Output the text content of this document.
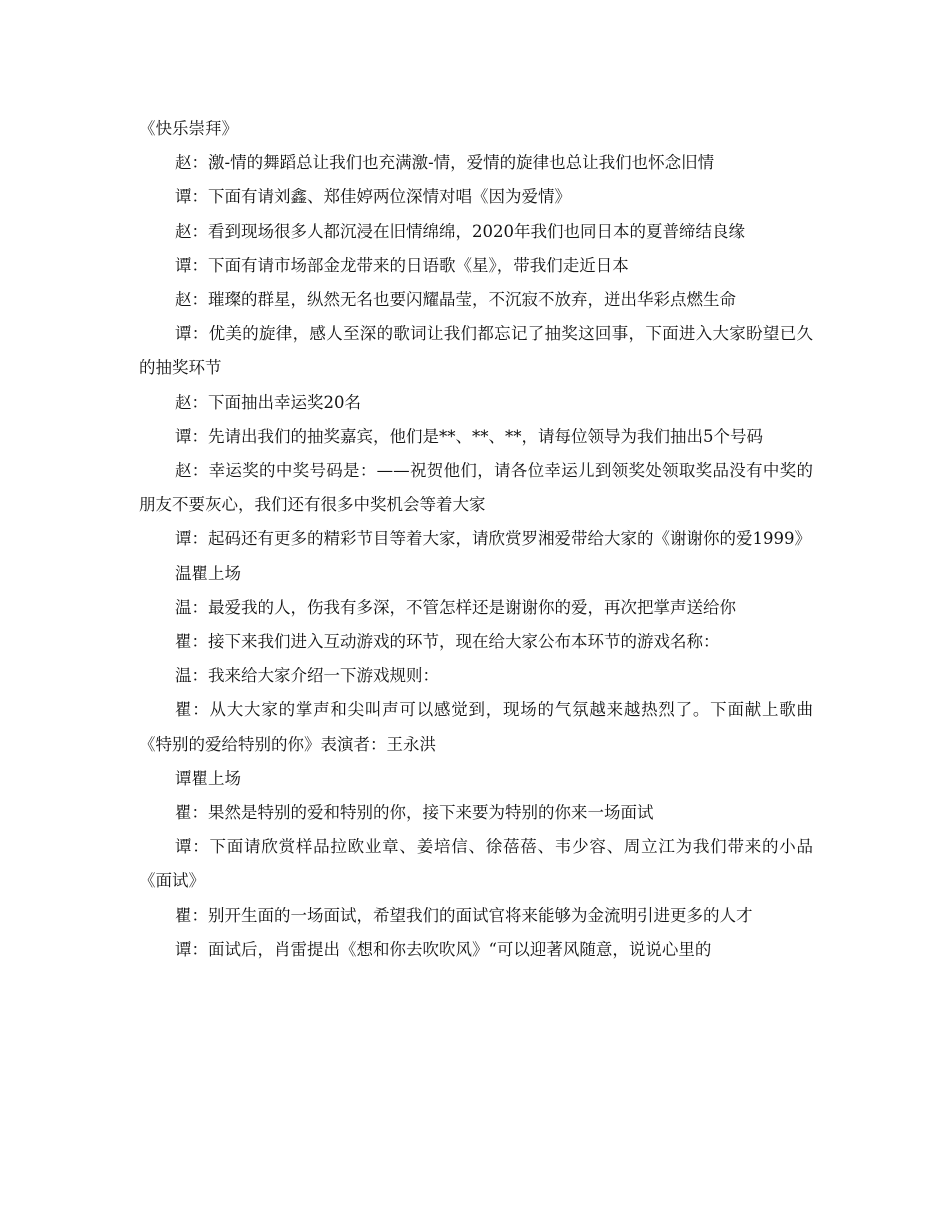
《快乐崇拜》

赵：激-情的舞蹈总让我们也充满激-情，爱情的旋律也总让我们也怀念旧情

谭：下面有请刘鑫、郑佳婷两位深情对唱《因为爱情》

赵：看到现场很多人都沉浸在旧情绵绵，2020年我们也同日本的夏普缔结良缘

谭：下面有请市场部金龙带来的日语歌《星》，带我们走近日本

赵：璀璨的群星，纵然无名也要闪耀晶莹，不沉寂不放弃，迸出华彩点燃生命

谭：优美的旋律，感人至深的歌词让我们都忘记了抽奖这回事，下面进入大家盼望已久的抽奖环节

赵：下面抽出幸运奖20名

谭：先请出我们的抽奖嘉宾，他们是**、**、**，请每位领导为我们抽出5个号码

赵：幸运奖的中奖号码是：——祝贺他们，请各位幸运儿到领奖处领取奖品没有中奖的朋友不要灰心，我们还有很多中奖机会等着大家

谭：起码还有更多的精彩节目等着大家，请欣赏罗湘爱带给大家的《谢谢你的爱1999》

温瞿上场

温：最爱我的人，伤我有多深，不管怎样还是谢谢你的爱，再次把掌声送给你

瞿：接下来我们进入互动游戏的环节，现在给大家公布本环节的游戏名称：

温：我来给大家介绍一下游戏规则：

瞿：从大大家的掌声和尖叫声可以感觉到，现场的气氛越来越热烈了。下面献上歌曲《特别的爱给特别的你》表演者：王永洪

谭瞿上场

瞿：果然是特别的爱和特别的你，接下来要为特别的你来一场面试

谭：下面请欣赏样品拉欧业章、姜培信、徐蓓蓓、韦少容、周立江为我们带来的小品《面试》

瞿：别开生面的一场面试，希望我们的面试官将来能够为金流明引进更多的人才

谭：面试后，肖雷提出《想和你去吹吹风》“可以迎著风随意，说说心里的
